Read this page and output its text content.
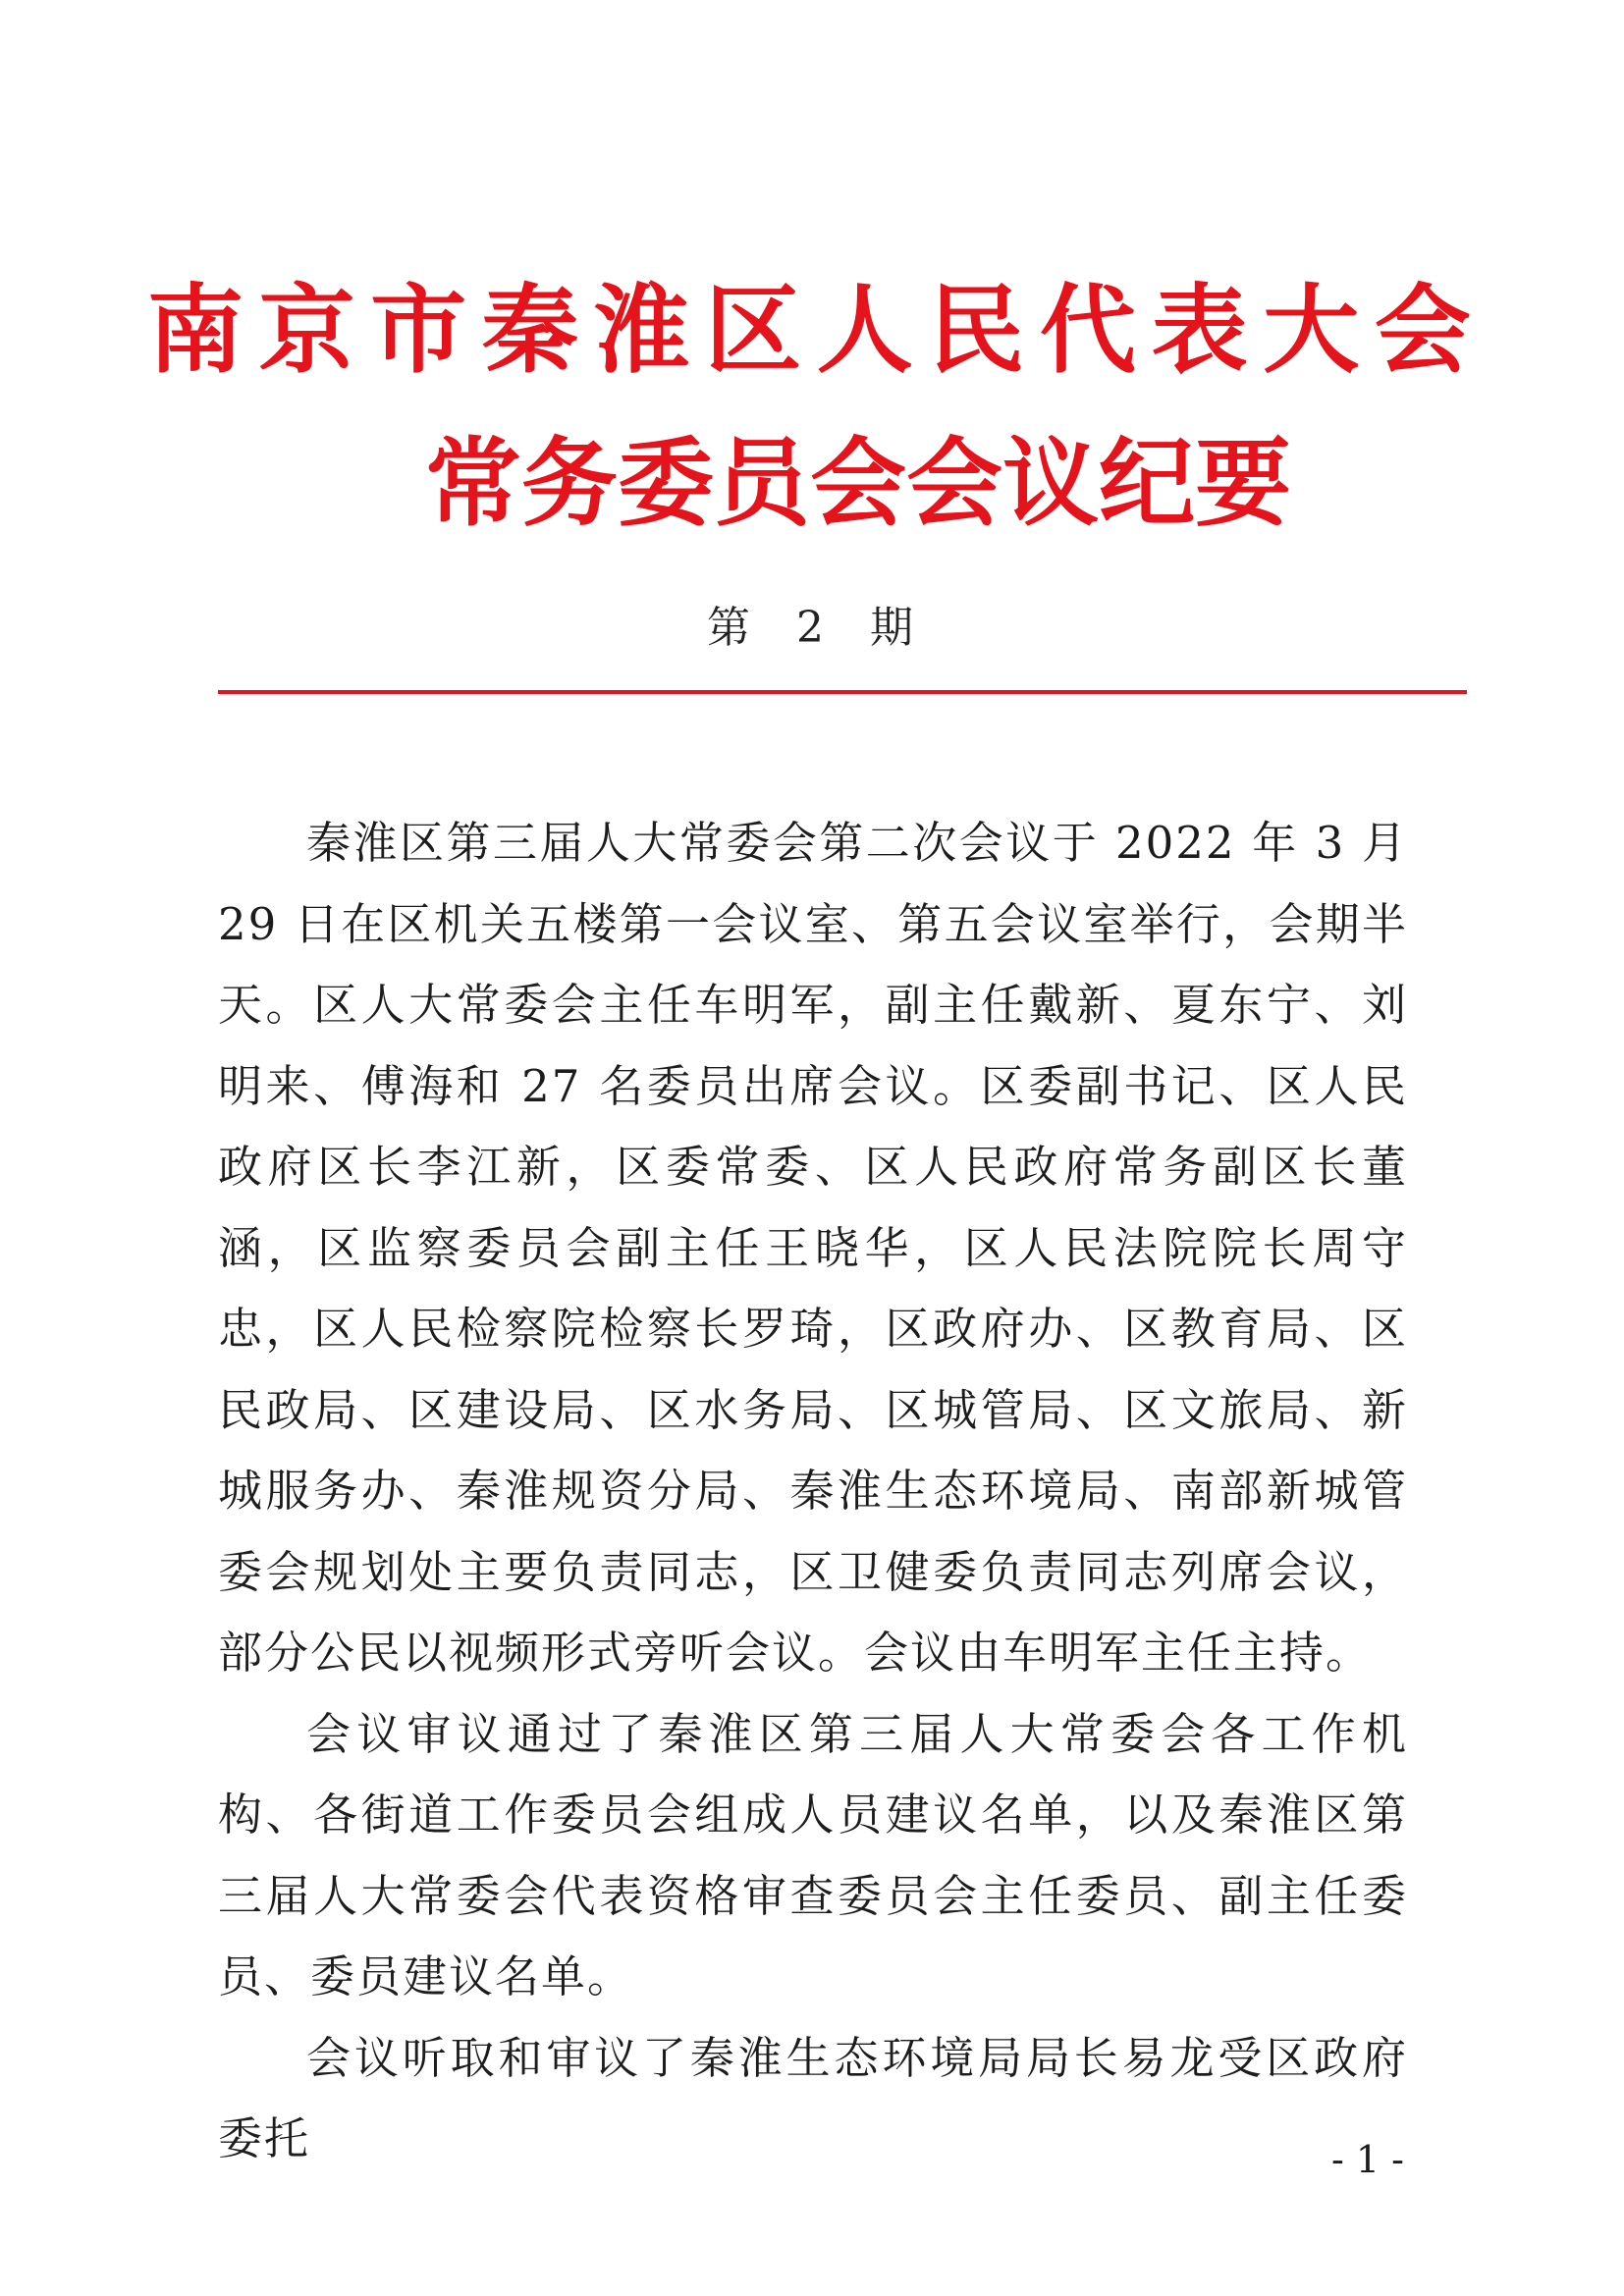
南 京 市 秦 淮 区 人 民 代 表 大 会
常 务 委 员 会 会 议 纪 要
第 2 期

秦淮区第三届人大常委会第二次会议于 2022 年 3 月 29 日在区机关五楼第一会议室、第五会议室举行，会期半天。区人大常委会主任车明军，副主任戴新、夏东宁、刘明来、傅海和 27 名委员出席会议。区委副书记、区人民政府区长李江新，区委常委、区人民政府常务副区长董涵，区监察委员会副主任王晓华，区人民法院院长周守忠，区人民检察院检察长罗琦，区政府办、区教育局、区民政局、区建设局、区水务局、区城管局、区文旅局、新城服务办、秦淮规资分局、秦淮生态环境局、南部新城管委会规划处主要负责同志，区卫健委负责同志列席会议，部分公民以视频形式旁听会议。会议由车明军主任主持。

会议审议通过了秦淮区第三届人大常委会各工作机构、各街道工作委员会组成人员建议名单，以及秦淮区第三届人大常委会代表资格审查委员会主任委员、副主任委员、委员建议名单。

会议听取和审议了秦淮生态环境局局长易龙受区政府委托	- 1 -
